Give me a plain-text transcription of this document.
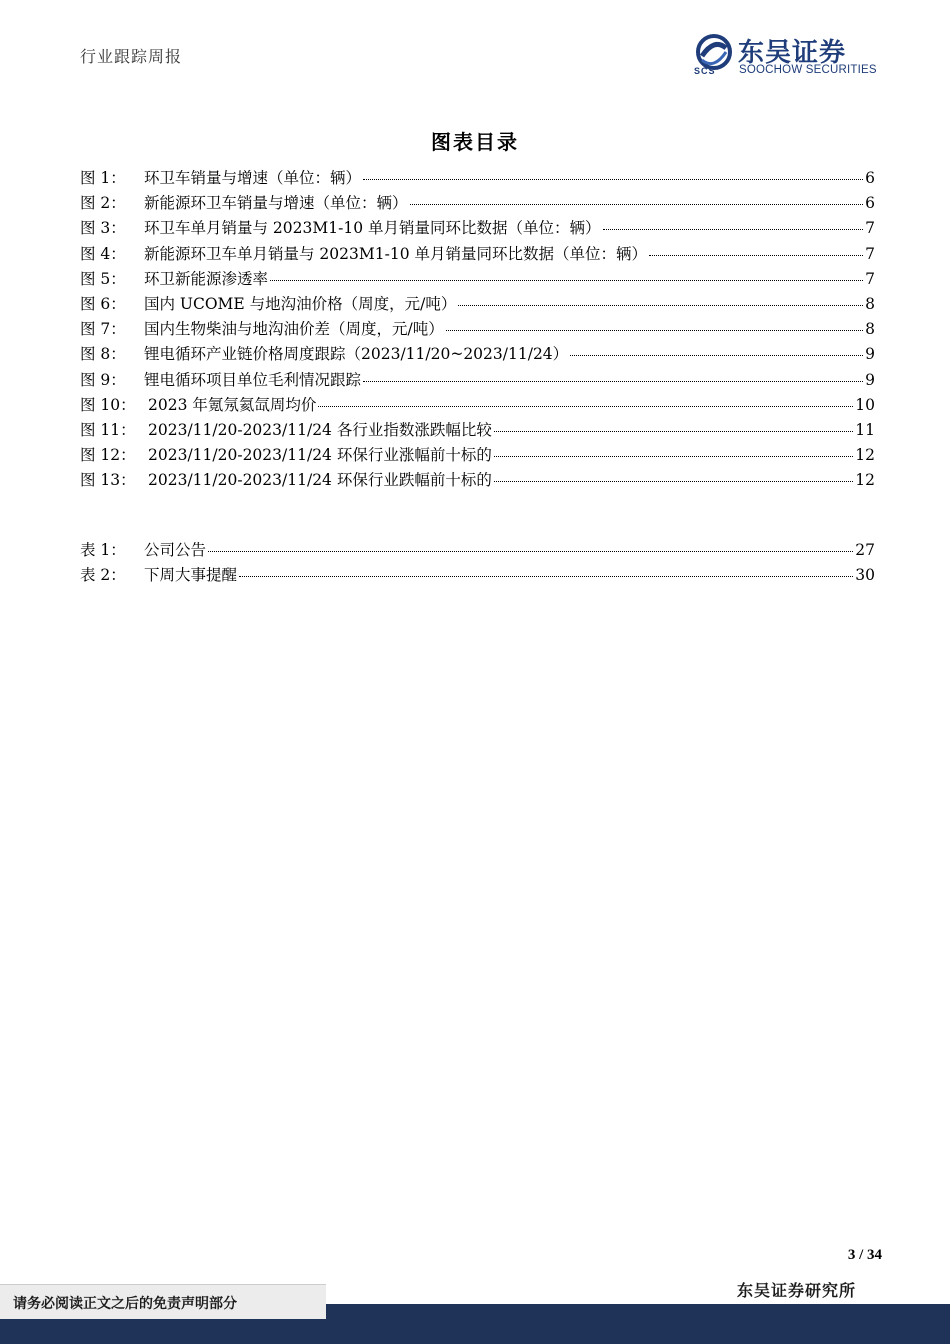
行业跟踪周报	东吴证券
SOOCHOW SECURITIES
SCS
图表目录
图 1：	环卫车销量与增速（单位：辆）	6
图 2：	新能源环卫车销量与增速（单位：辆）	6
图 3：	环卫车单月销量与 2023M1-10 单月销量同环比数据（单位：辆）	7
图 4：	新能源环卫车单月销量与 2023M1-10 单月销量同环比数据（单位：辆）	7
图 5：	环卫新能源渗透率	7
图 6：	国内 UCOME 与地沟油价格（周度，元/吨）	8
图 7：	国内生物柴油与地沟油价差（周度，元/吨）	8
图 8：	锂电循环产业链价格周度跟踪（2023/11/20~2023/11/24）	9
图 9：	锂电循环项目单位毛利情况跟踪	9
图 10： 2023 年氪氖氦氙周均价	10
图 11： 2023/11/20-2023/11/24 各行业指数涨跌幅比较	11
图 12： 2023/11/20-2023/11/24 环保行业涨幅前十标的	12
图 13： 2023/11/20-2023/11/24 环保行业跌幅前十标的	12
表 1：	公司公告	27
表 2：	下周大事提醒	30
3 / 34
请务必阅读正文之后的免责声明部分
东吴证券研究所
